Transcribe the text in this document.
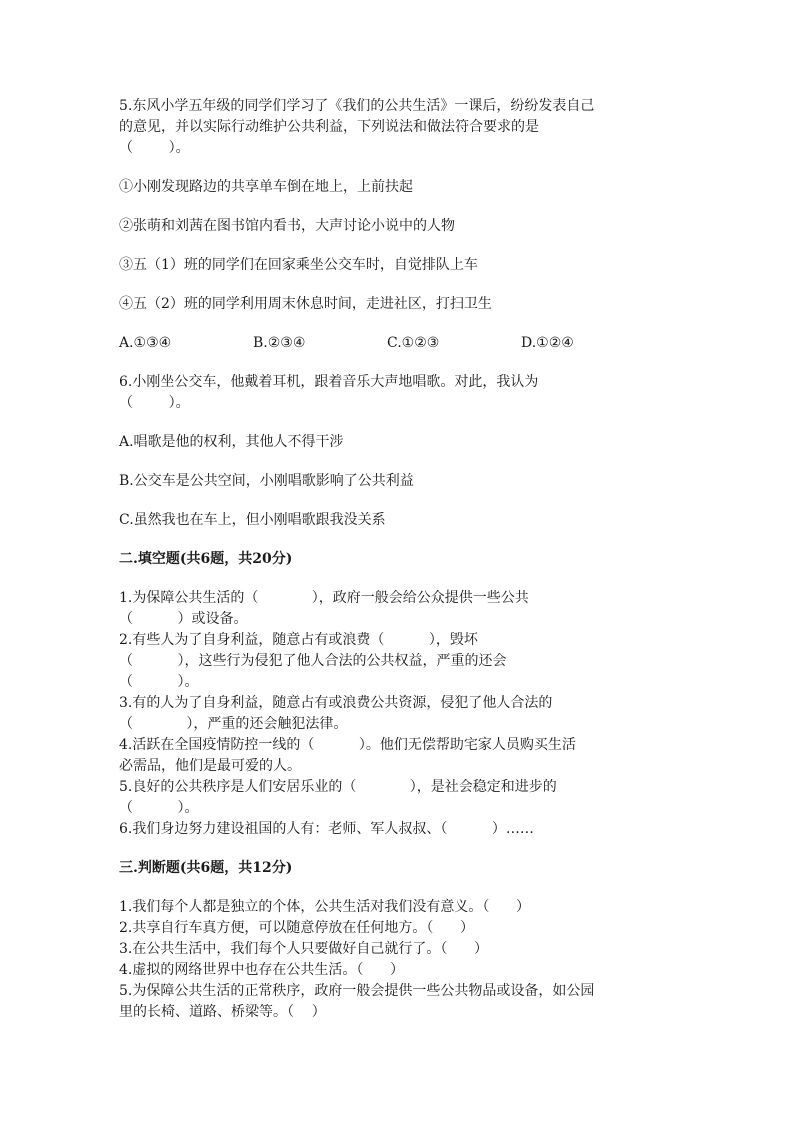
5.东风小学五年级的同学们学习了《我们的公共生活》一课后，纷纷发表自己

的意见，并以实际行动维护公共利益，下列说法和做法符合要求的是

（        ）。

①小刚发现路边的共享单车倒在地上，上前扶起

②张萌和刘茜在图书馆内看书，大声讨论小说中的人物

③五（1）班的同学们在回家乘坐公交车时，自觉排队上车

④五（2）班的同学利用周末休息时间，走进社区，打扫卫生

A.①③④	B.②③④	C.①②③	D.①②④

6.小刚坐公交车，他戴着耳机，跟着音乐大声地唱歌。对此，我认为

（        ）。

A.唱歌是他的权利，其他人不得干涉

B.公交车是公共空间，小刚唱歌影响了公共利益

C.虽然我也在车上，但小刚唱歌跟我没关系

二.填空题(共6题，共20分)

1.为保障公共生活的（            ），政府一般会给公众提供一些公共

（          ）或设备。

2.有些人为了自身利益，随意占有或浪费（          ），毁坏

（          ），这些行为侵犯了他人合法的公共权益，严重的还会

（          ）。

3.有的人为了自身利益，随意占有或浪费公共资源，侵犯了他人合法的

（            ），严重的还会触犯法律。

4.活跃在全国疫情防控一线的（          ）。他们无偿帮助宅家人员购买生活

必需品，他们是最可爱的人。

5.良好的公共秩序是人们安居乐业的（            ），是社会稳定和进步的

（          ）。

6.我们身边努力建设祖国的人有：老师、军人叔叔、（          ）……

三.判断题(共6题，共12分)

1.我们每个人都是独立的个体，公共生活对我们没有意义。（      ）

2.共享自行车真方便，可以随意停放在任何地方。（      ）

3.在公共生活中，我们每个人只要做好自己就行了。（      ）

4.虚拟的网络世界中也存在公共生活。（      ）

5.为保障公共生活的正常秩序，政府一般会提供一些公共物品或设备，如公园

里的长椅、道路、桥梁等。（    ）
